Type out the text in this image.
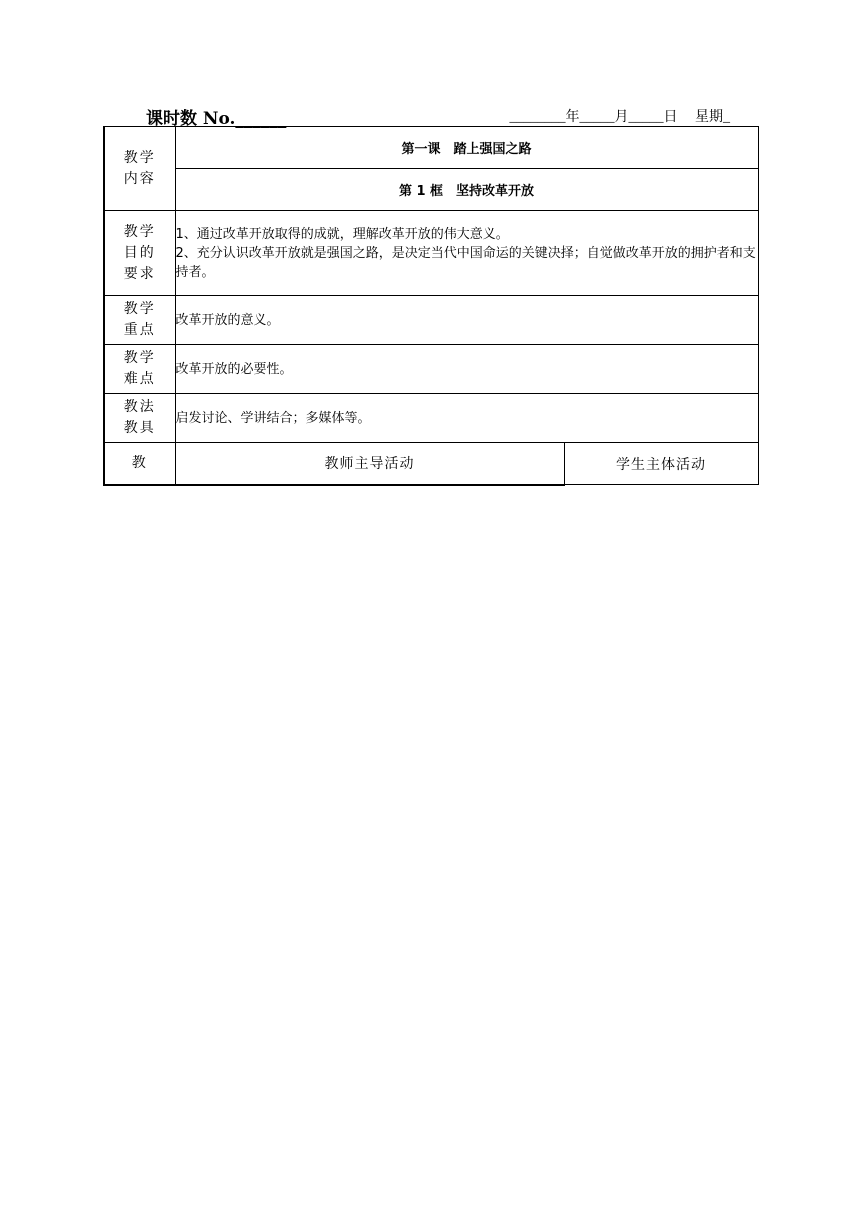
课时数 No.______	________年_____月_____日　 星期_
教学内容	第一课　踏上强国之路	
	第 1 框　坚持改革开放	

教学目的要求	1、通过改革开放取得的成就，理解改革开放的伟大意义。
2、充分认识改革开放就是强国之路，是决定当代中国命运的关键决择；自觉做改革开放的拥护者和支持者。	

教学重点	改革开放的意义。	

教学难点	改革开放的必要性。	

教法教具	启发讨论、学讲结合；多媒体等。	
教	教师主导活动	学生主体活动
